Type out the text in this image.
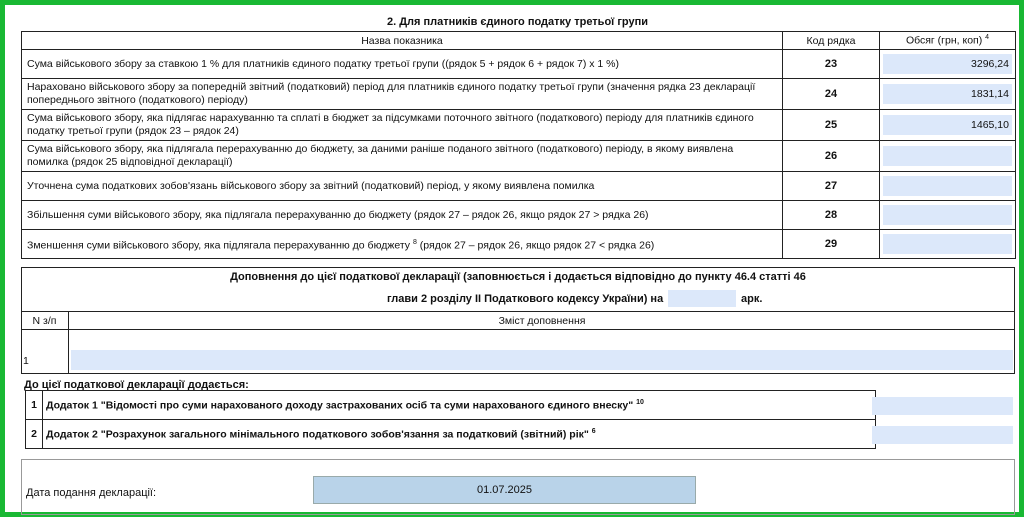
2. Для платників єдиного податку третьої групи
Назва показника	Код рядка	Обсяг (грн, коп) $^4$
Сума військового збору за ставкою 1 % для платників єдиного податку третьої групи ((рядок 5 + рядок 6 + рядок 7) х 1 %)	23	3296,24

Нараховано військового збору за попередній звітний (податковий) період для платників єдиного податку третьої групи (значення рядка 23 декларації попереднього звітного (податкового) періоду)	24	1831,14

Сума військового збору, яка підлягає нарахуванню та сплаті в бюджет за підсумками поточного звітного (податкового) періоду для платників єдиного податку третьої групи (рядок 23 – рядок 24)	25	1465,10

Сума військового збору, яка підлягала перерахуванню до бюджету, за даними раніше поданого звітного (податкового) періоду, в якому виявлена помилка (рядок 25 відповідної декларації)	26	

Уточнена сума податкових зобов'язань військового збору за звітний (податковий) період, у якому виявлена помилка	27	

Збільшення суми військового збору, яка підлягала перерахуванню до бюджету (рядок 27 – рядок 26, якщо рядок 27 > рядка 26)	28	

Зменшення суми військового збору, яка підлягала перерахуванню до бюджету $^8$ (рядок 27 – рядок 26, якщо рядок 27 < рядка 26)	29	
Доповнення до цієї податкової декларації (заповнюється і додається відповідно до пункту 46.4 статті 46
глави 2 розділу ІІ Податкового кодексу України) на	арк.
N з/п	Зміст доповнення
1
До цієї податкової декларації додається:
1	Додаток 1 "Відомості про суми нарахованого доходу застрахованих осіб та суми нарахованого єдиного внеску" $^{10}$
2	Додаток 2 "Розрахунок загального мінімального податкового зобов'язання за податковий (звітний) рік" $^6$
Дата подання декларації:	01.07.2025
